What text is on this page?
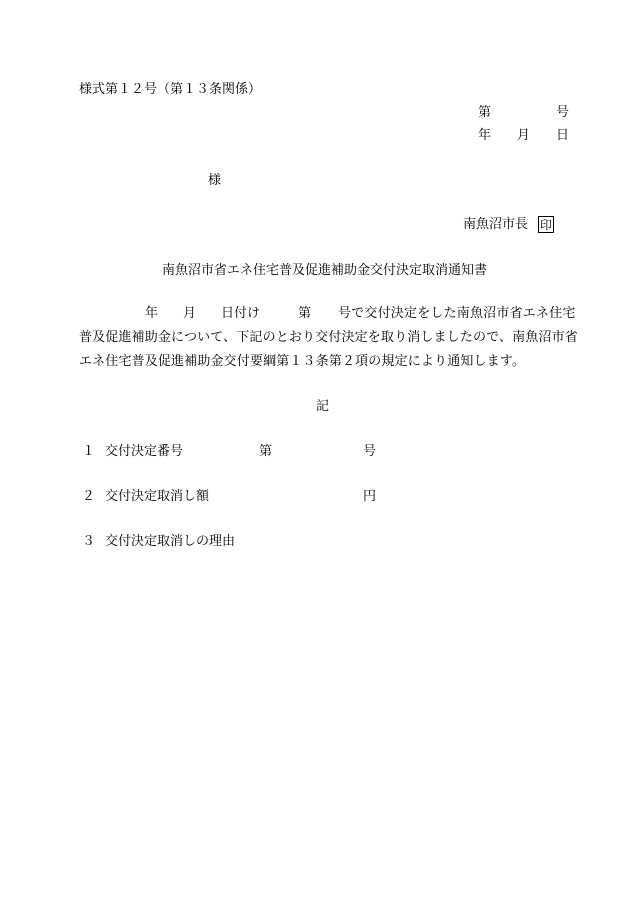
様式第１２号（第１３条関係）
第	号
年 月 日
様
南魚沼市長 印
南魚沼市省エネ住宅普及促進補助金交付決定取消通知書
年 月 日付け	第 号で交付決定をした南魚沼市省エネ住宅
普及促進補助金について、下記のとおり交付決定を取り消しましたので、南魚沼市省
エネ住宅普及促進補助金交付要綱第１３条第２項の規定により通知します。
記
１ 交付決定番号	第	号
２ 交付決定取消し額	円
３ 交付決定取消しの理由
